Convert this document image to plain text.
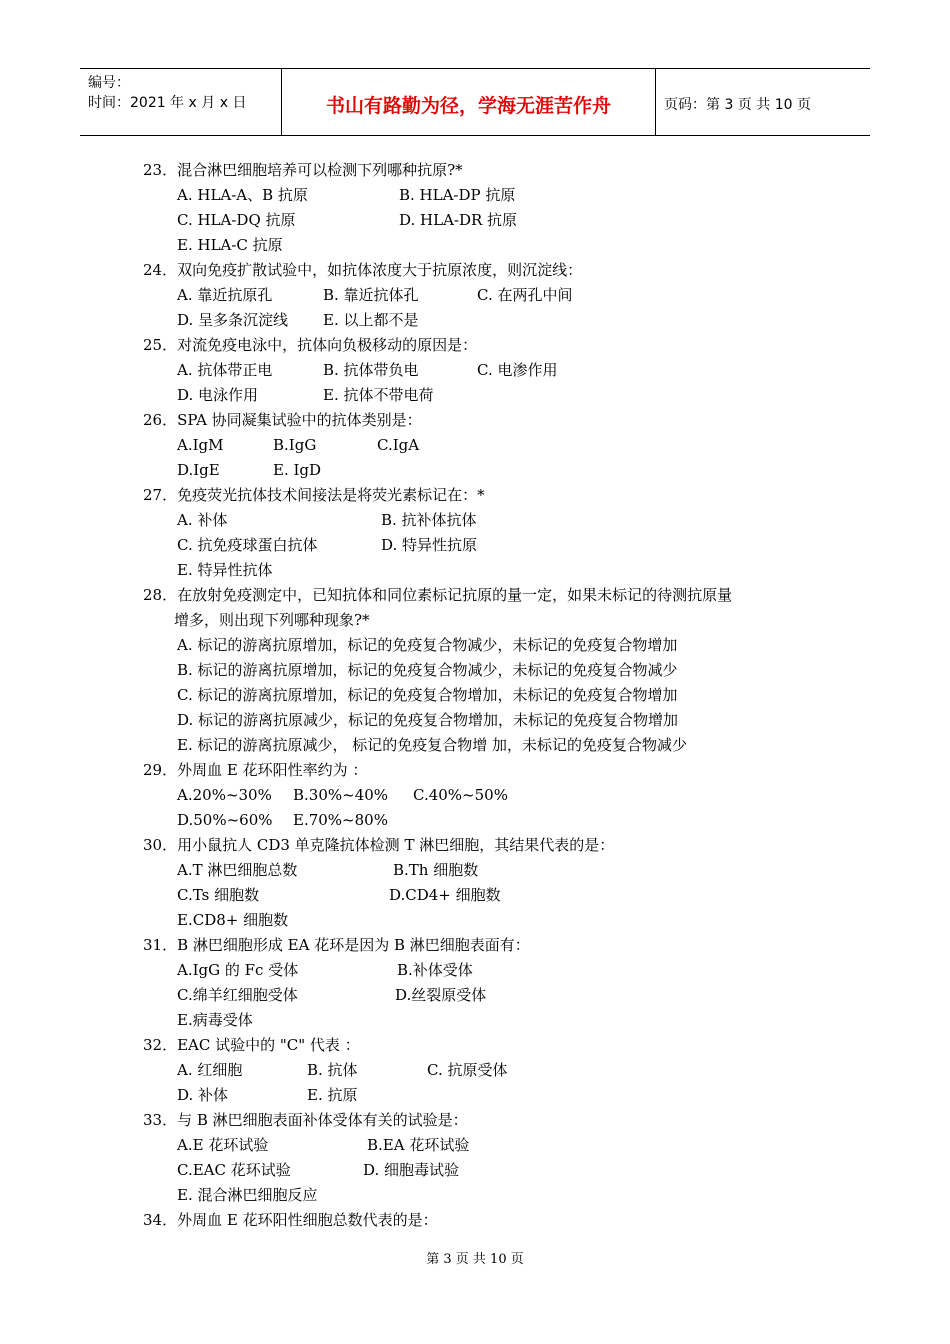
编号：
时间：2021 年 x 月 x 日	书山有路勤为径，学海无涯苦作舟	页码：第 3 页 共 10 页
23．混合淋巴细胞培养可以检测下列哪种抗原?*
A. HLA-A、B 抗原	B. HLA-DP 抗原
C. HLA-DQ 抗原	D. HLA-DR 抗原
E. HLA-C 抗原
24．双向免疫扩散试验中，如抗体浓度大于抗原浓度，则沉淀线：
A. 靠近抗原孔	B. 靠近抗体孔	C. 在两孔中间
D. 呈多条沉淀线 E. 以上都不是
25．对流免疫电泳中，抗体向负极移动的原因是：
A. 抗体带正电	B. 抗体带负电	C. 电渗作用
D. 电泳作用	E. 抗体不带电荷
26．SPA 协同凝集试验中的抗体类别是：
A.IgM	B.IgG	C.IgA
D.IgE	E. IgD
27．免疫荧光抗体技术间接法是将荧光素标记在：*
A. 补体	B. 抗补体抗体
C. 抗免疫球蛋白抗体	D. 特异性抗原
E. 特异性抗体
28．在放射免疫测定中，已知抗体和同位素标记抗原的量一定，如果未标记的待测抗原量
增多，则出现下列哪种现象?*
A. 标记的游离抗原增加，标记的免疫复合物减少，未标记的免疫复合物增加
B. 标记的游离抗原增加，标记的免疫复合物减少，未标记的免疫复合物减少
C. 标记的游离抗原增加，标记的免疫复合物增加，未标记的免疫复合物增加
D. 标记的游离抗原减少，标记的免疫复合物增加，未标记的免疫复合物增加
E. 标记的游离抗原减少， 标记的免疫复合物增 加，未标记的免疫复合物减少
29．外周血 E 花环阳性率约为 ：
A.20%~30% B.30%~40% C.40%~50%
D.50%~60% E.70%~80%
30．用小鼠抗人 CD3 单克隆抗体检测 T 淋巴细胞，其结果代表的是：
A.T 淋巴细胞总数	B.Th 细胞数
C.Ts 细胞数	D.CD4+ 细胞数
E.CD8+ 细胞数
31．B 淋巴细胞形成 EA 花环是因为 B 淋巴细胞表面有：
A.IgG 的 Fc 受体	B.补体受体
C.绵羊红细胞受体	D.丝裂原受体
E.病毒受体
32．EAC 试验中的 "C" 代表 ：
A. 红细胞	B. 抗体	C. 抗原受体
D. 补体	E. 抗原
33．与 B 淋巴细胞表面补体受体有关的试验是：
A.E 花环试验	B.EA 花环试验
C.EAC 花环试验	D. 细胞毒试验
E. 混合淋巴细胞反应
34．外周血 E 花环阳性细胞总数代表的是：
第 3 页 共 10 页
